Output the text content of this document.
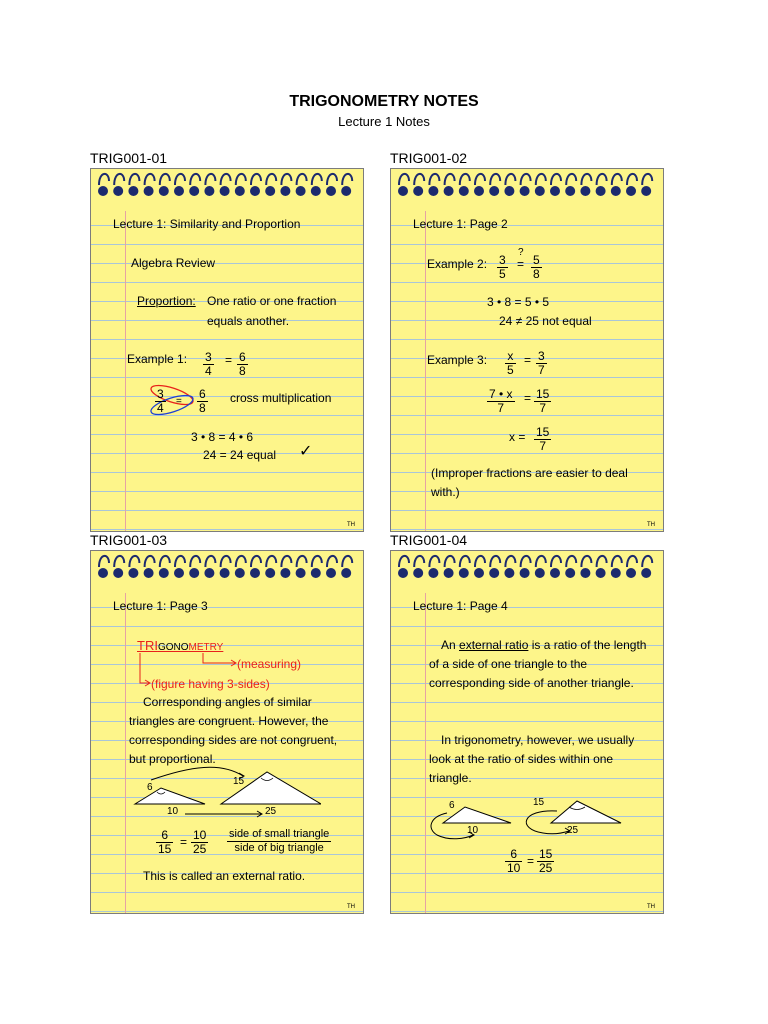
TRIGONOMETRY NOTES
Lecture 1 Notes
TRIG001-01
Lecture 1: Similarity and Proportion
Algebra Review
Proportion: One ratio or one fraction
equals another.
Example 1: $\frac{3}{4} = \frac{6}{8}$
3
4 =
6
8
cross multiplication
3 • 8 = 4 • 6
24 = 24 equal ✓
TH
TRIG001-02
Lecture 1: Page 2
Example 2: $\frac{3}{5}$
?
= $\frac{5}{8}$
3 • 8 = 5 • 5
24 ≠ 25 not equal
Example 3: $\frac{x}{5} = \frac{3}{7}$
$\frac{7 • x}{7} = \frac{15}{7}$
$x = \frac{15}{7}$
(Improper fractions are easier to deal with.)
TH
TRIG001-03
Lecture 1: Page 3
TRIGONOMETRY
(measuring)
(figure having 3-sides)
Corresponding angles of similar triangles are congruent. However, the corresponding sides are not congruent, but proportional.
6
10
15
25
$\frac{6}{15} = \frac{10}{25}$ side of small triangle
side of big triangle
This is called an external ratio.
TH
TRIG001-04
Lecture 1: Page 4
An external ratio is a ratio of the length of a side of one triangle to the corresponding side of another triangle.
In trigonometry, however, we usually look at the ratio of sides within one triangle.
6
10
15
25
$\frac{6}{10} = \frac{15}{25}$
TH
